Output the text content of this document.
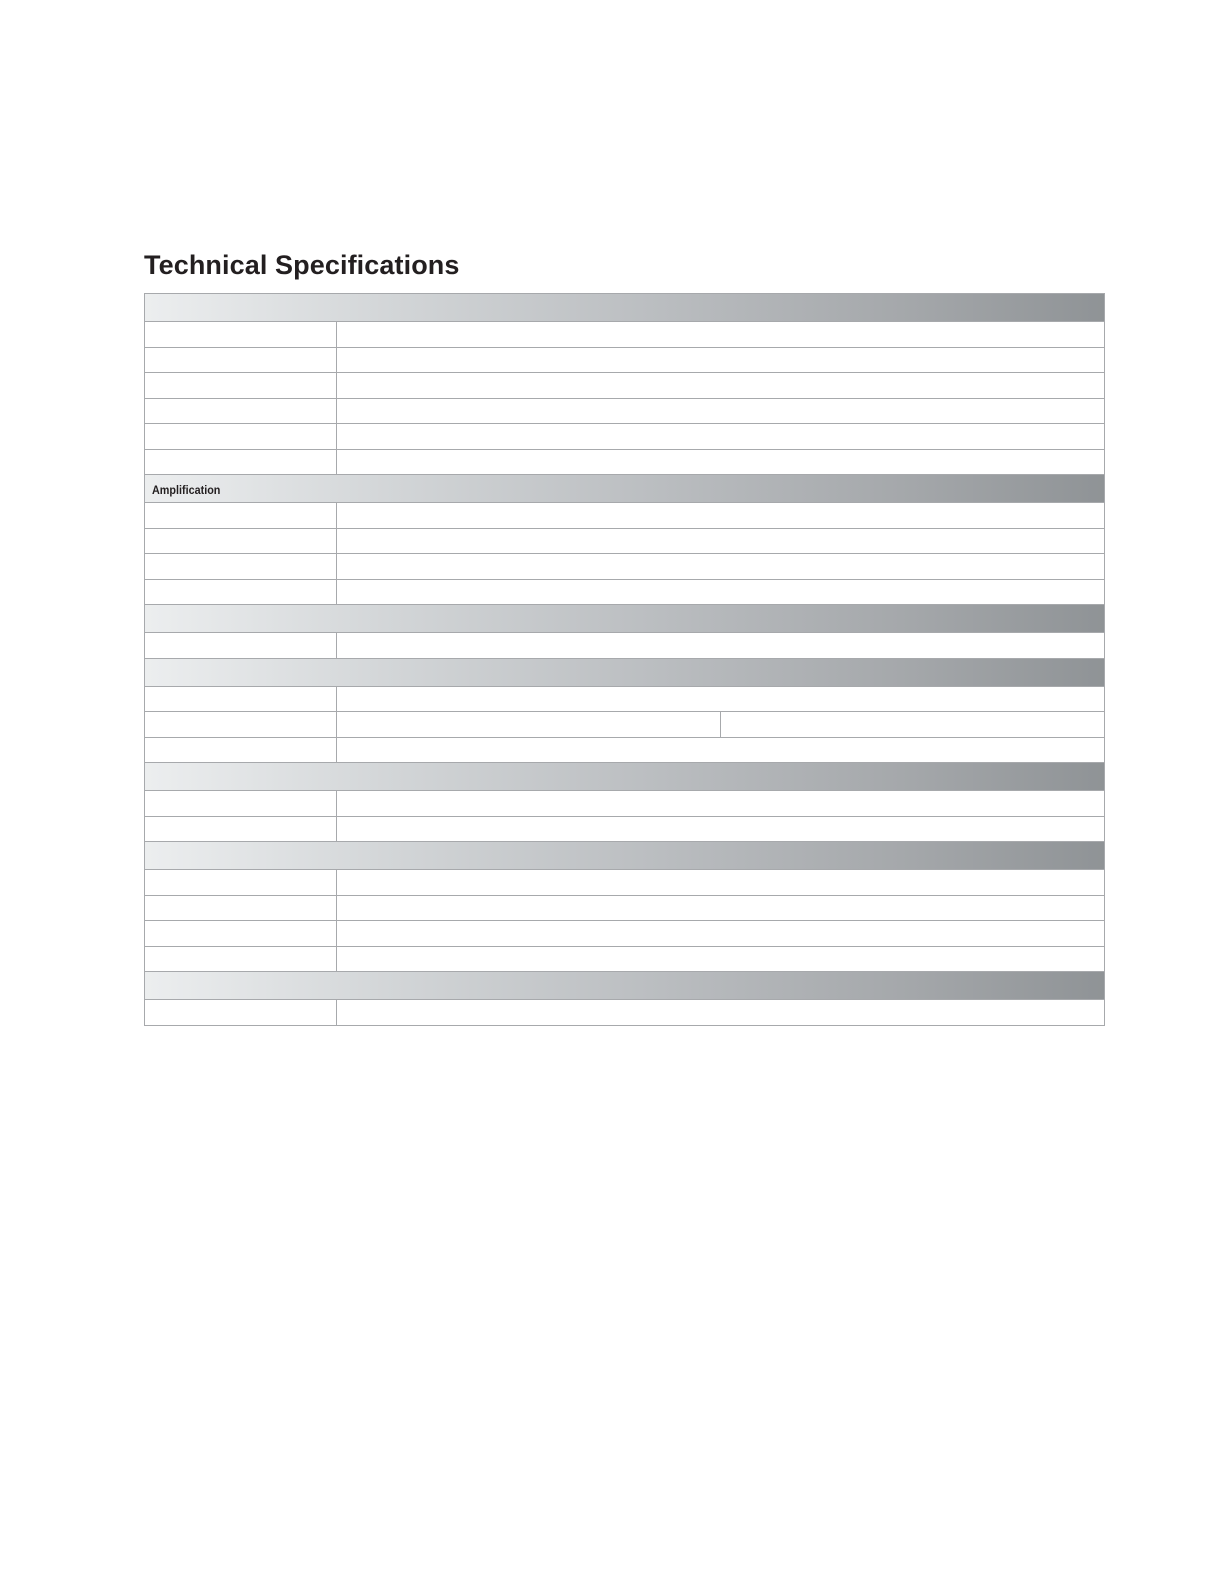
Technical Specifications
Amplification
